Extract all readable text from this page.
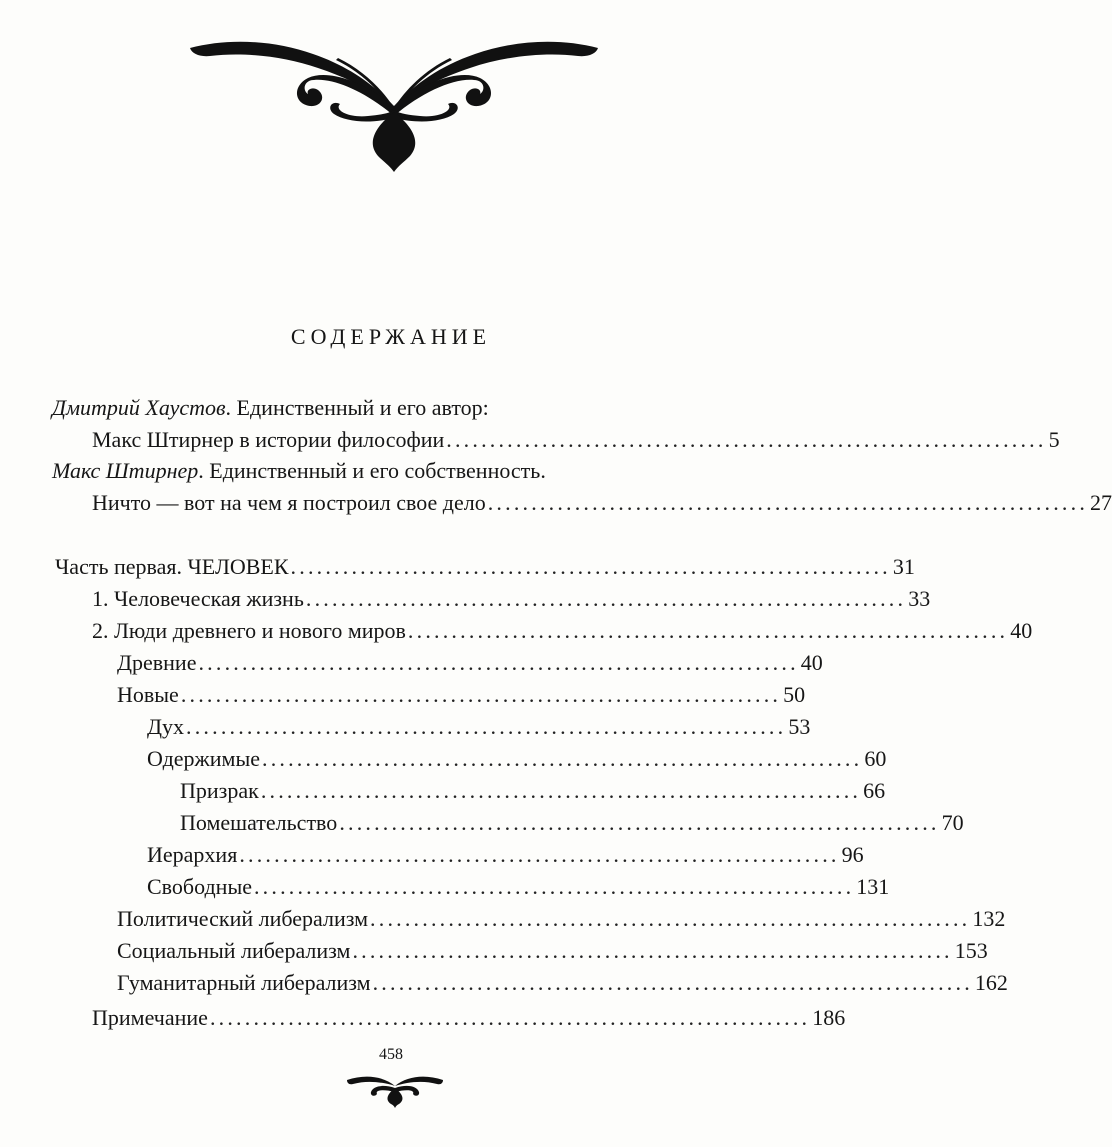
СОДЕРЖАНИЕ
Дмитрий Хаустов. Единственный и его автор:
Макс Штирнер в истории философии ..................................................................... 5
Макс Штирнер. Единственный и его собственность.
Ничто — вот на чем я построил свое дело ..................................................................... 27
Часть первая. ЧЕЛОВЕК ..................................................................... 31
1. Человеческая жизнь ..................................................................... 33
2. Люди древнего и нового миров ..................................................................... 40
Древние ..................................................................... 40
Новые ..................................................................... 50
Дух ..................................................................... 53
Одержимые ..................................................................... 60
Призрак ..................................................................... 66
Помешательство ..................................................................... 70
Иерархия ..................................................................... 96
Свободные ..................................................................... 131
Политический либерализм ..................................................................... 132
Социальный либерализм ..................................................................... 153
Гуманитарный либерализм ..................................................................... 162
Примечание ..................................................................... 186
458
